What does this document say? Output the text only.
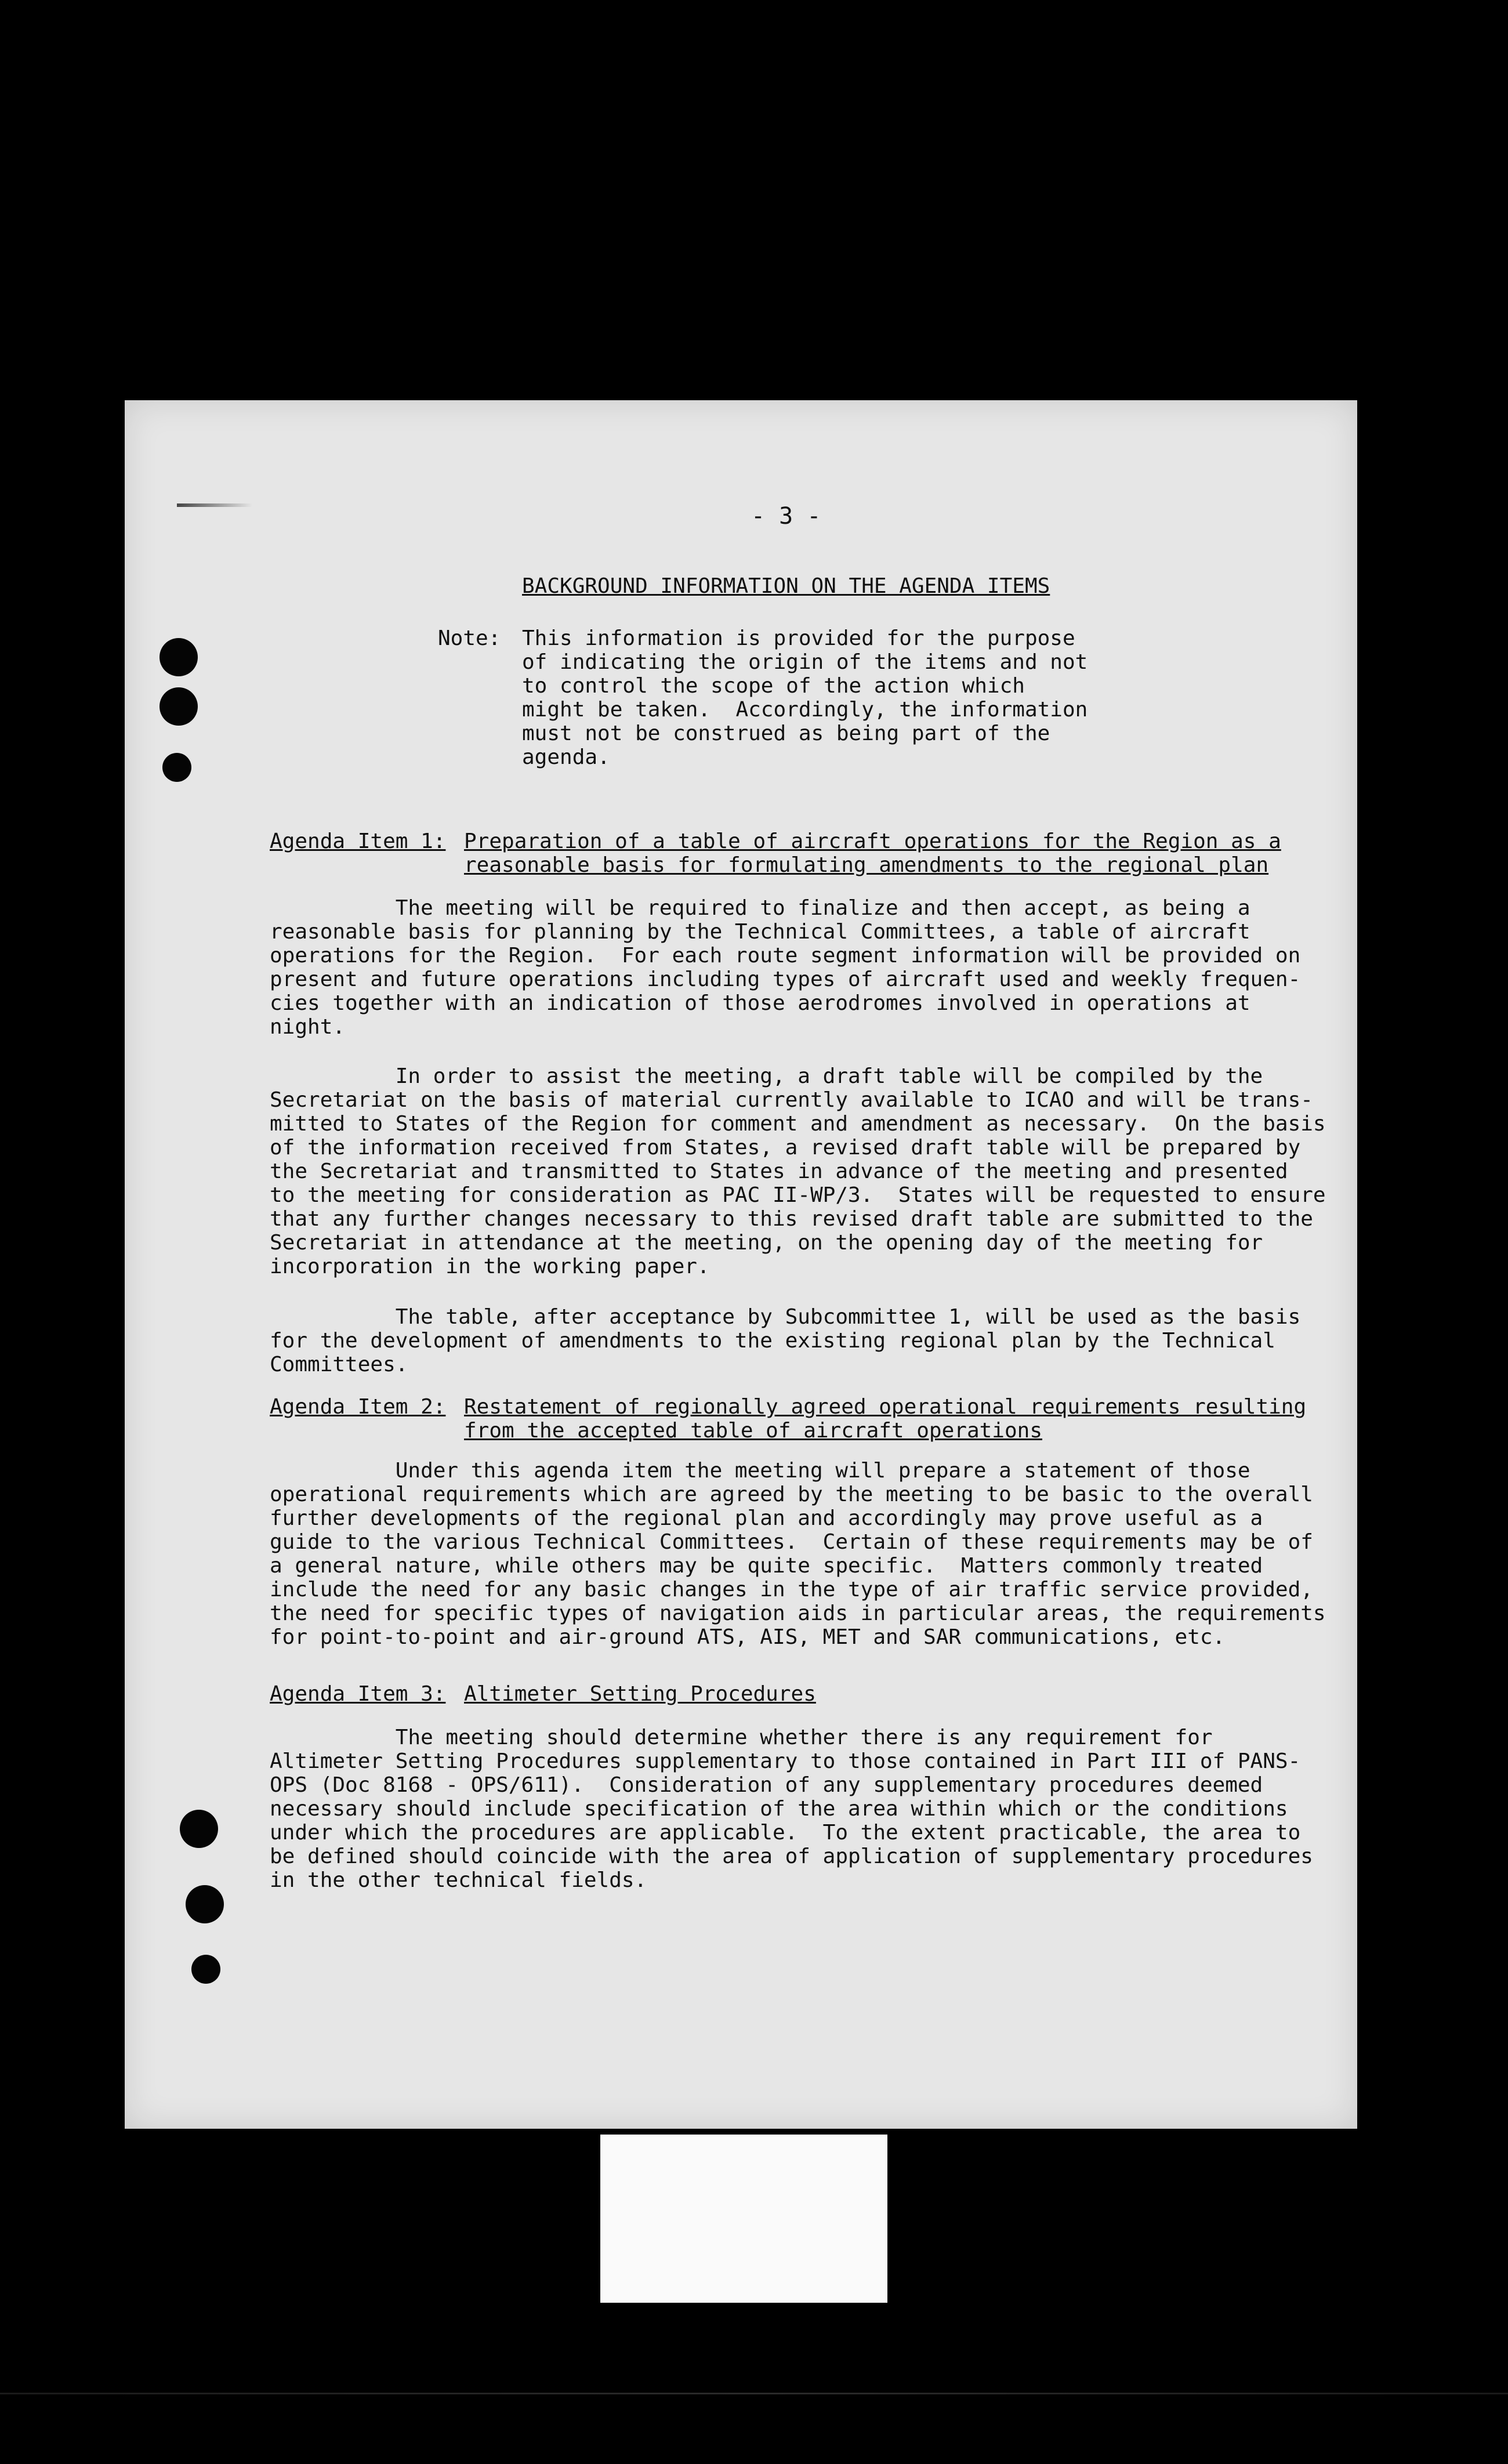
- 3 -
BACKGROUND INFORMATION ON THE AGENDA ITEMS
Note: This information is provided for the purpose
of indicating the origin of the items and not
to control the scope of the action which
might be taken.  Accordingly, the information
must not be construed as being part of the
agenda.
Agenda Item 1: Preparation of a table of aircraft operations for the Region as a
reasonable basis for formulating amendments to the regional plan
The meeting will be required to finalize and then accept, as being a
reasonable basis for planning by the Technical Committees, a table of aircraft
operations for the Region.  For each route segment information will be provided on
present and future operations including types of aircraft used and weekly frequen-
cies together with an indication of those aerodromes involved in operations at
night.
In order to assist the meeting, a draft table will be compiled by the
Secretariat on the basis of material currently available to ICAO and will be trans-
mitted to States of the Region for comment and amendment as necessary.  On the basis
of the information received from States, a revised draft table will be prepared by
the Secretariat and transmitted to States in advance of the meeting and presented
to the meeting for consideration as PAC II-WP/3.  States will be requested to ensure
that any further changes necessary to this revised draft table are submitted to the
Secretariat in attendance at the meeting, on the opening day of the meeting for
incorporation in the working paper.
The table, after acceptance by Subcommittee 1, will be used as the basis
for the development of amendments to the existing regional plan by the Technical
Committees.
Agenda Item 2: Restatement of regionally agreed operational requirements resulting
from the accepted table of aircraft operations
Under this agenda item the meeting will prepare a statement of those
operational requirements which are agreed by the meeting to be basic to the overall
further developments of the regional plan and accordingly may prove useful as a
guide to the various Technical Committees.  Certain of these requirements may be of
a general nature, while others may be quite specific.  Matters commonly treated
include the need for any basic changes in the type of air traffic service provided,
the need for specific types of navigation aids in particular areas, the requirements
for point-to-point and air-ground ATS, AIS, MET and SAR communications, etc.
Agenda Item 3: Altimeter Setting Procedures
The meeting should determine whether there is any requirement for
Altimeter Setting Procedures supplementary to those contained in Part III of PANS-
OPS (Doc 8168 - OPS/611).  Consideration of any supplementary procedures deemed
necessary should include specification of the area within which or the conditions
under which the procedures are applicable.  To the extent practicable, the area to
be defined should coincide with the area of application of supplementary procedures
in the other technical fields.
